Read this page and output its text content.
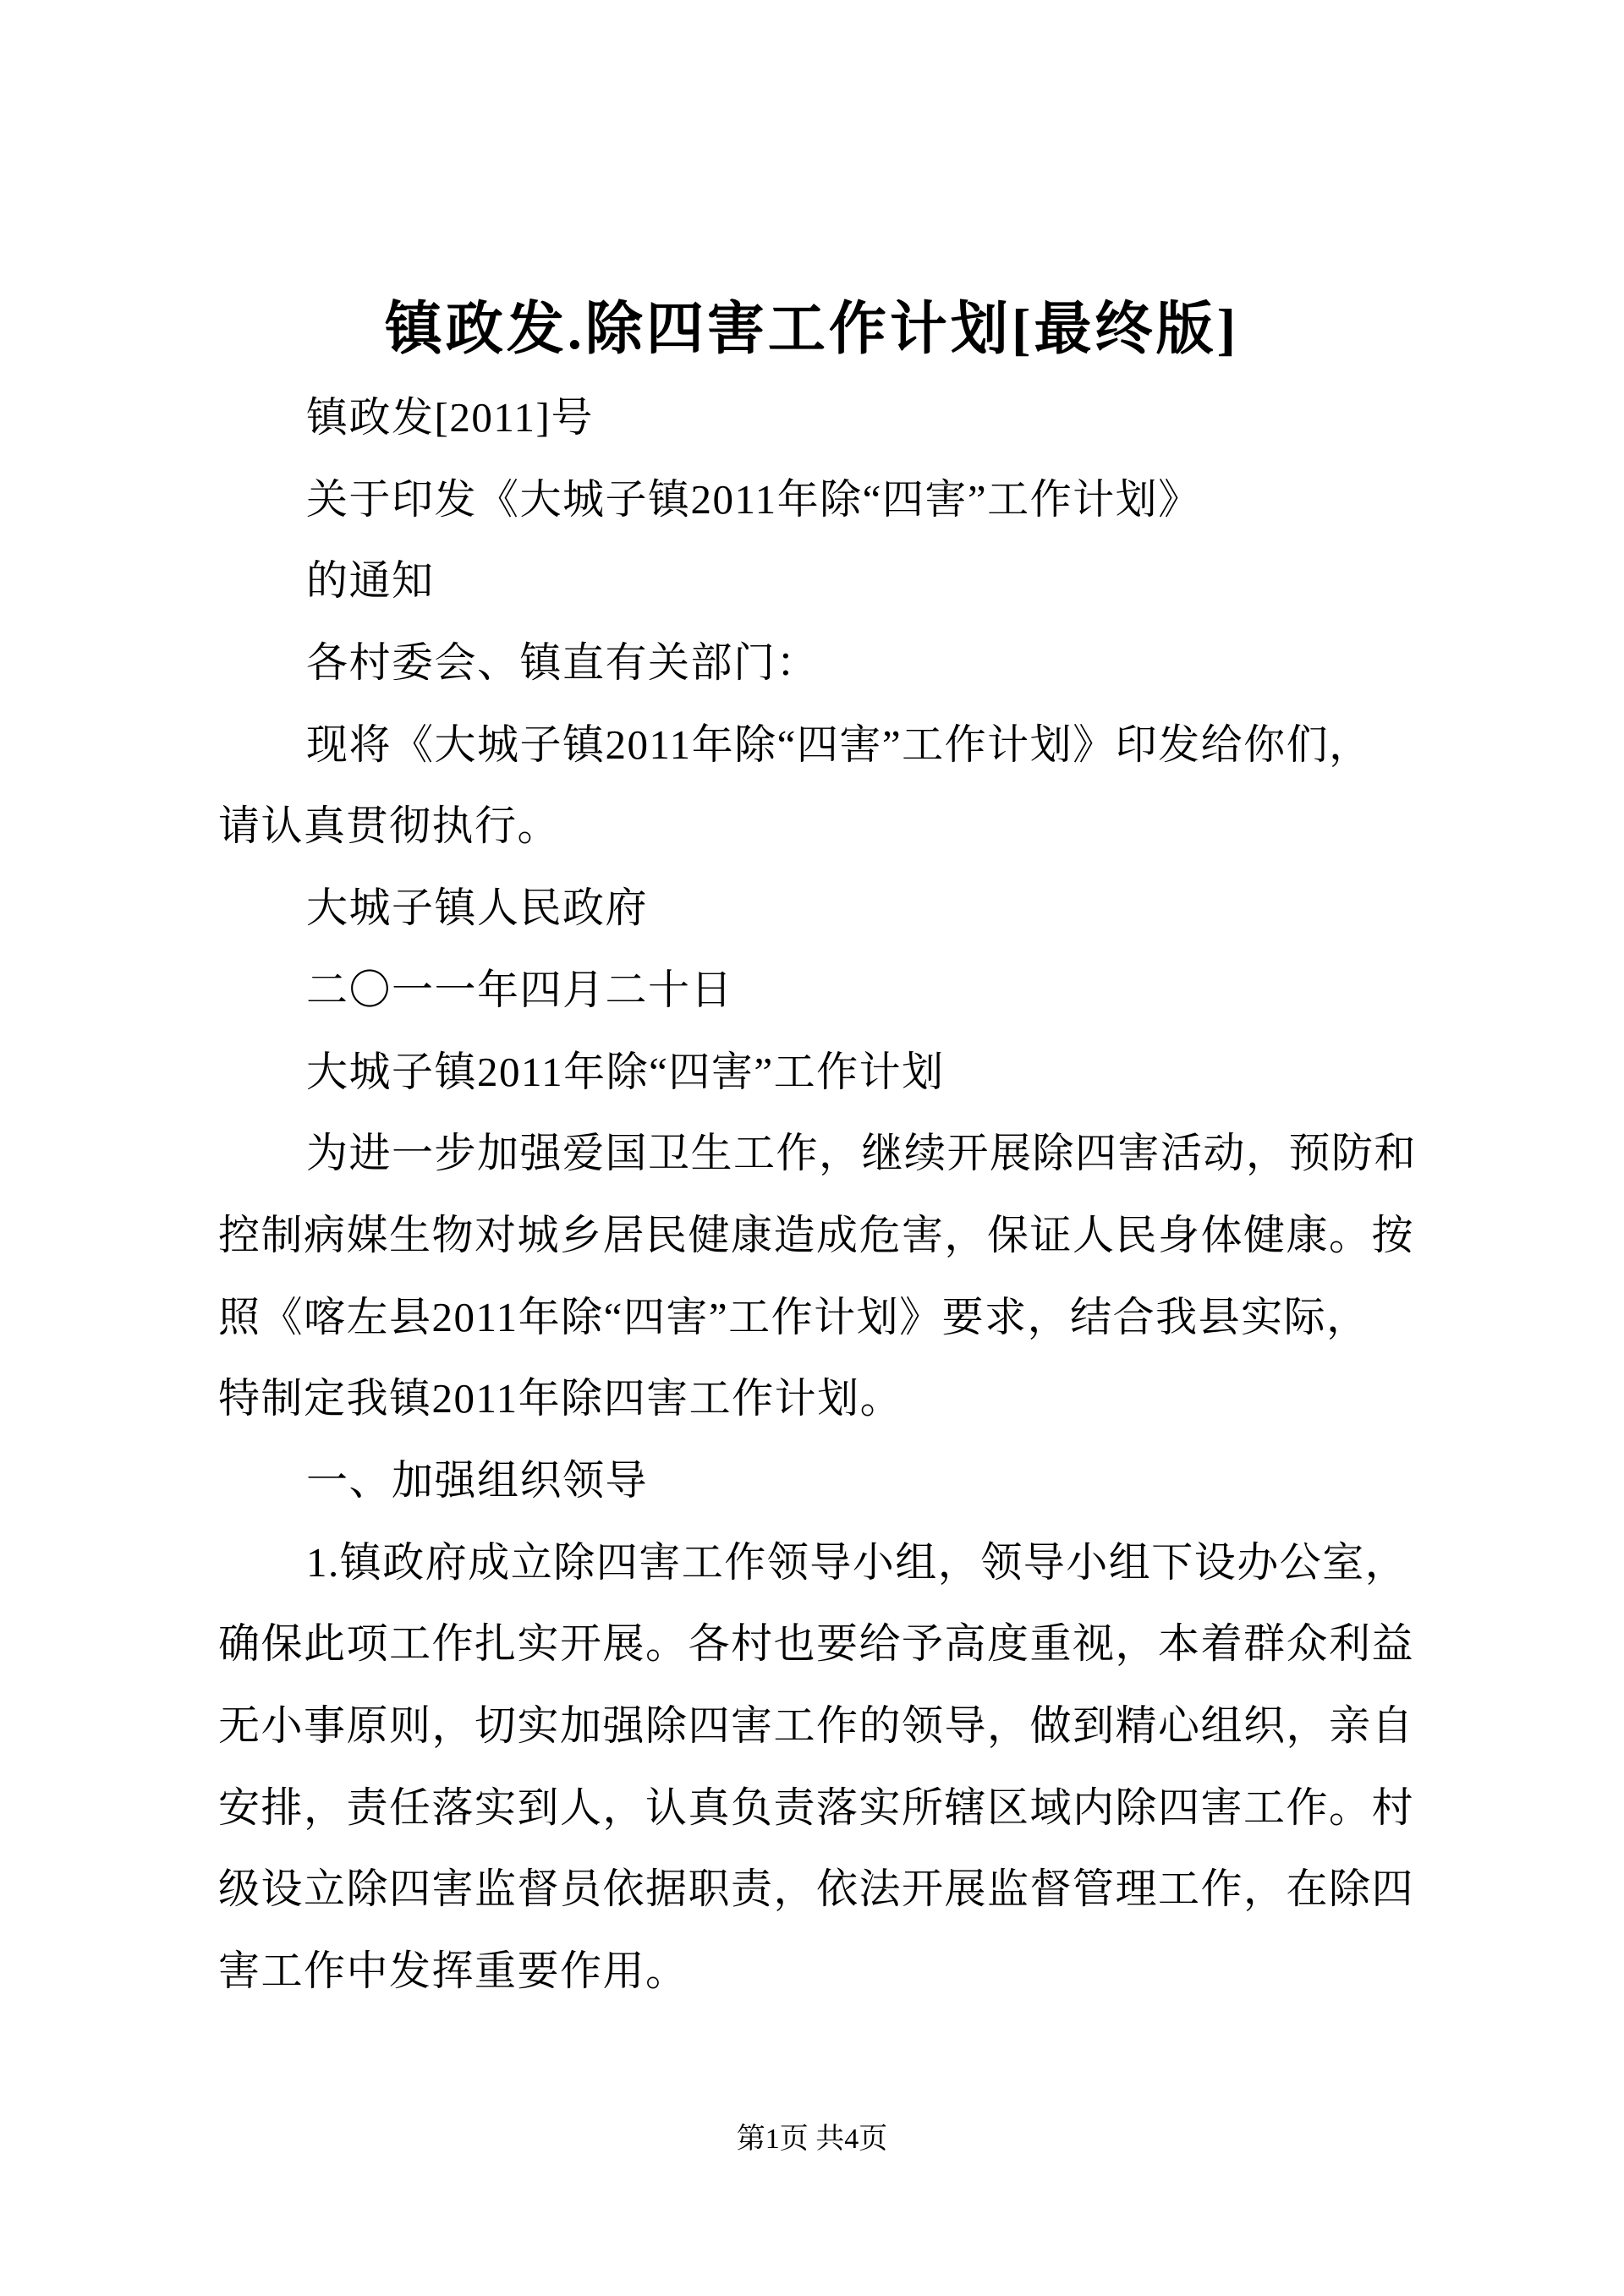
镇政发.除四害工作计划[最终版]
镇政发[2011]号
关于印发《大城子镇2011年除“四害”工作计划》
的通知
各村委会、镇直有关部门：
现将《大城子镇2011年除“四害”工作计划》印发给你们，
请认真贯彻执行。
大城子镇人民政府
二〇一一年四月二十日
大城子镇2011年除“四害”工作计划
为进一步加强爱国卫生工作，继续开展除四害活动，预防和
控制病媒生物对城乡居民健康造成危害，保证人民身体健康。按
照《喀左县2011年除“四害”工作计划》要求，结合我县实际，
特制定我镇2011年除四害工作计划。
一、加强组织领导
1.镇政府成立除四害工作领导小组，领导小组下设办公室，
确保此项工作扎实开展。各村也要给予高度重视，本着群众利益
无小事原则，切实加强除四害工作的领导，做到精心组织，亲自
安排，责任落实到人，认真负责落实所辖区域内除四害工作。村
级设立除四害监督员依据职责，依法开展监督管理工作，在除四
害工作中发挥重要作用。
第1页 共4页
